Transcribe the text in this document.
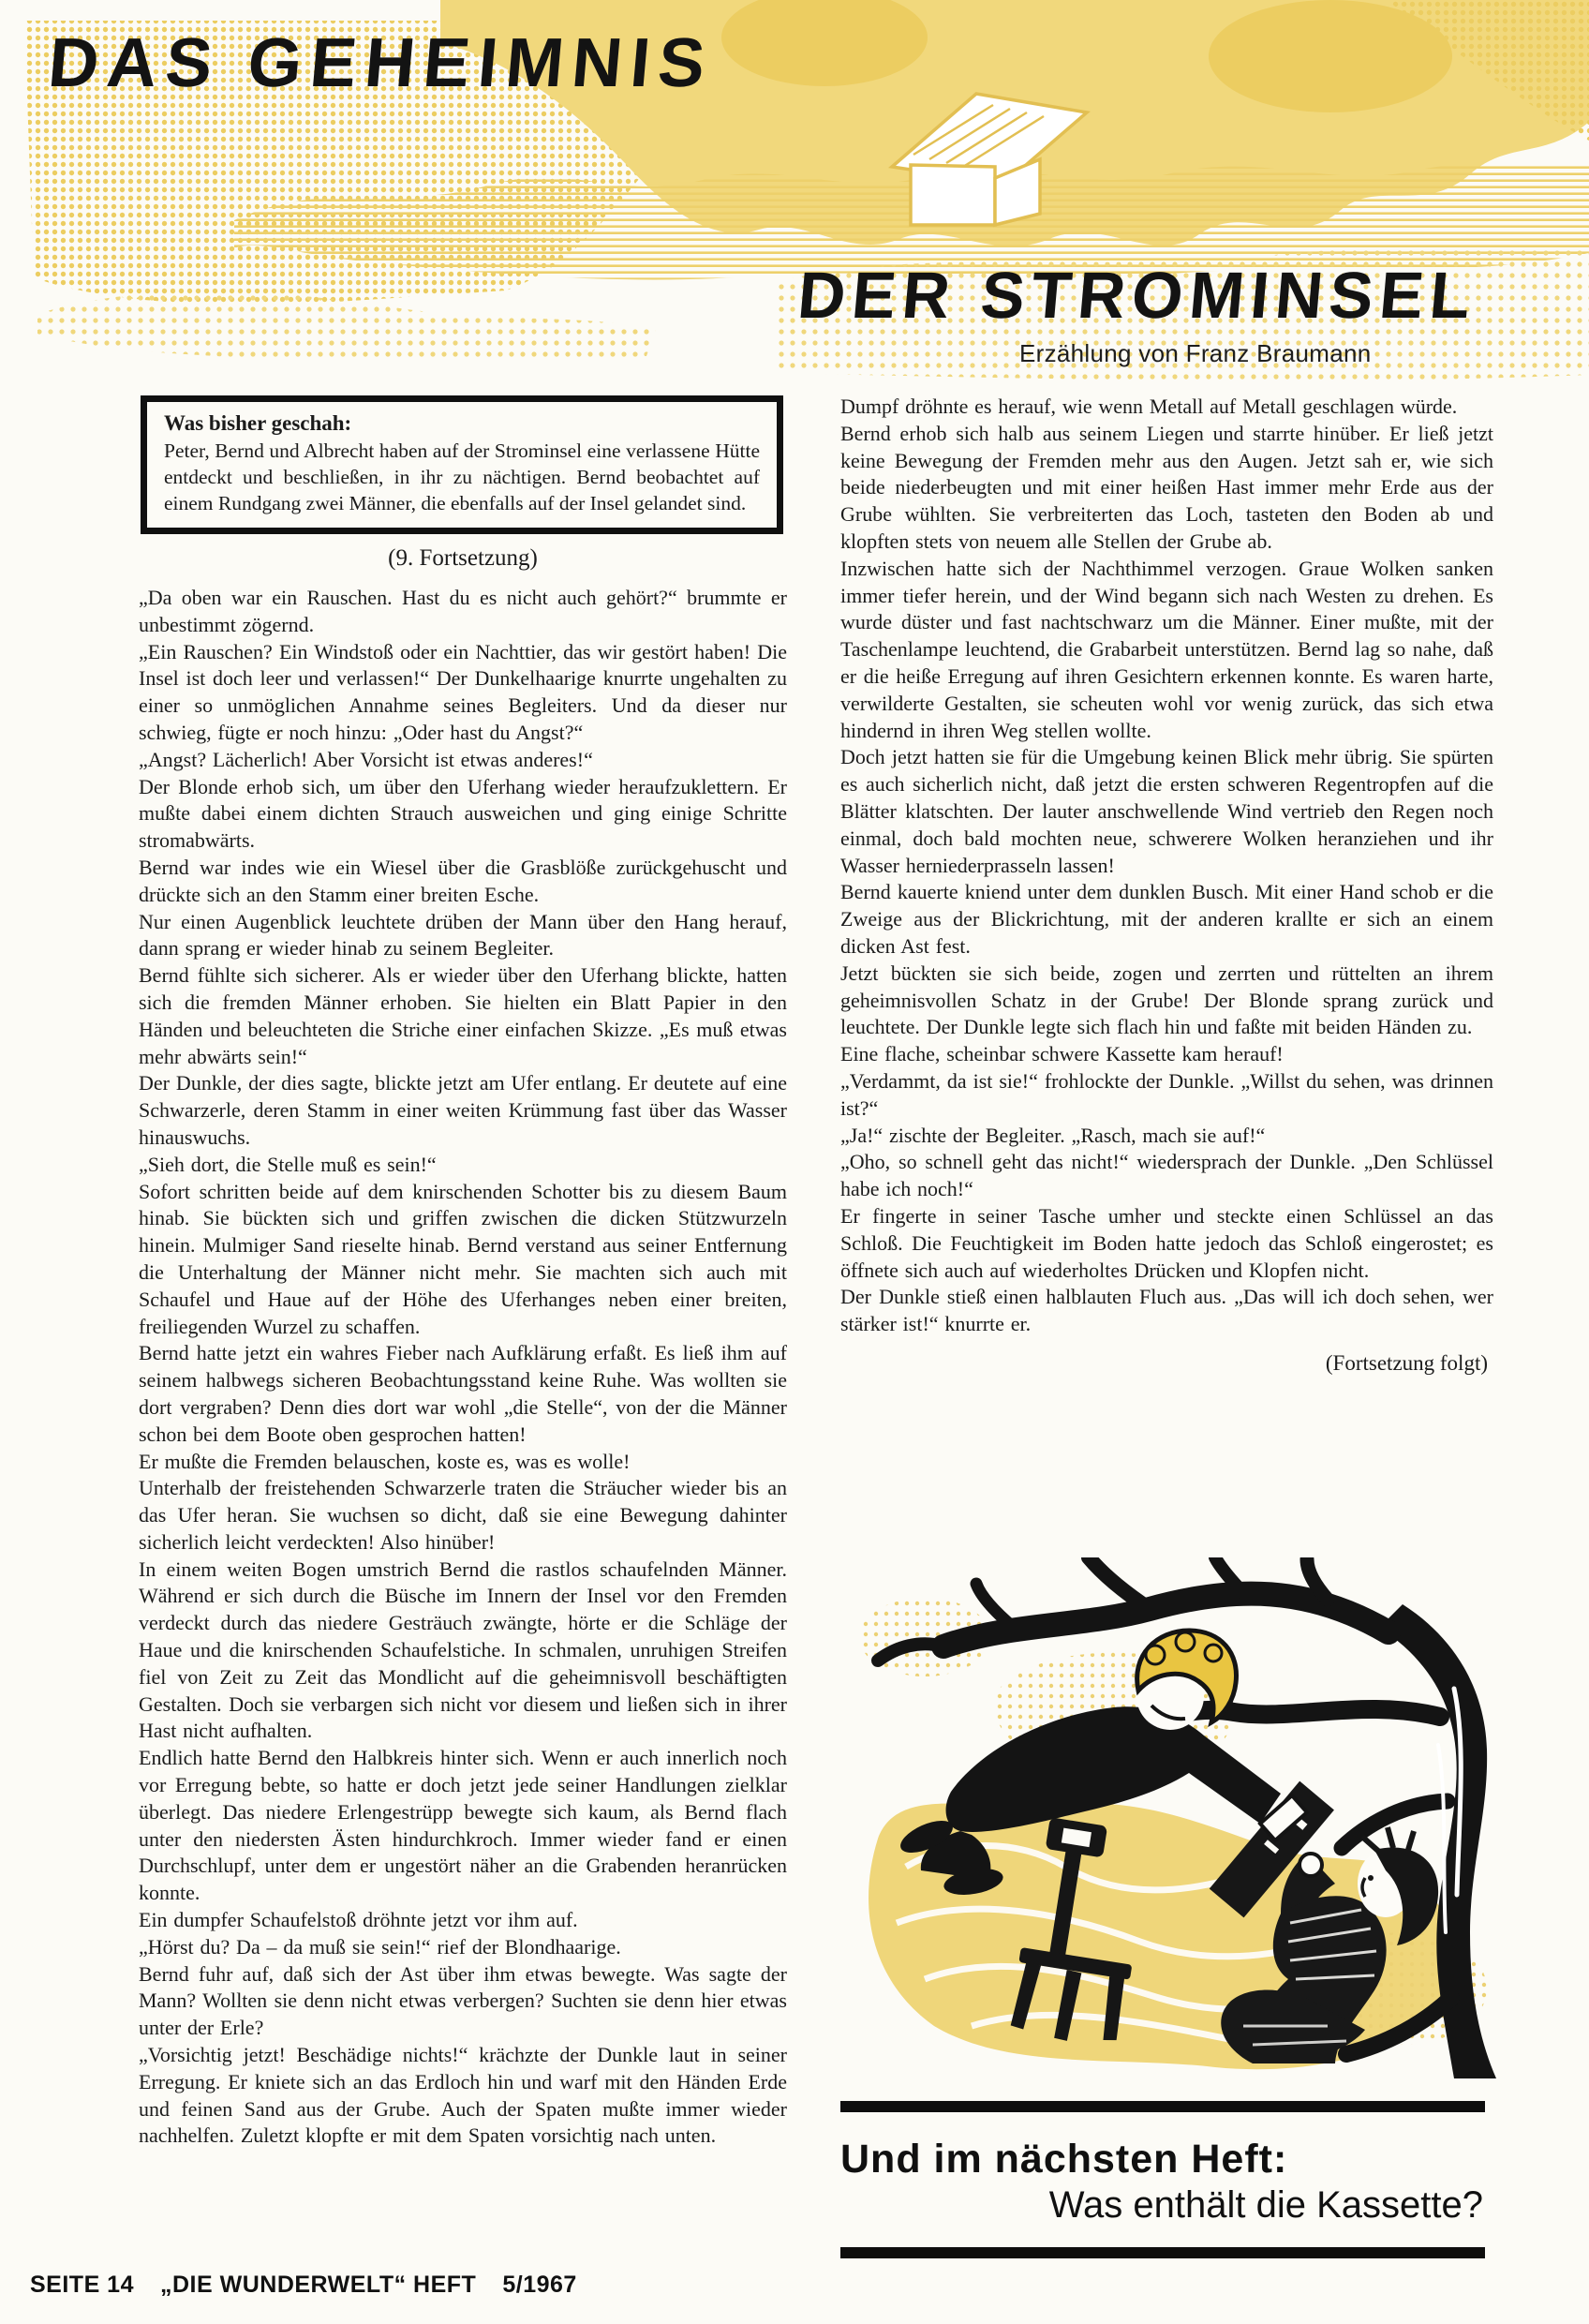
DAS GEHEIMNIS
DER STROMINSEL
Erzählung von Franz Braumann
Was bisher geschah:
Peter, Bernd und Albrecht haben auf der Strominsel eine verlassene Hütte entdeckt und beschließen, in ihr zu nächtigen. Bernd beobachtet auf einem Rundgang zwei Männer, die ebenfalls auf der Insel gelandet sind.
(9. Fortsetzung)

„Da oben war ein Rauschen. Hast du es nicht auch gehört?“ brummte er unbestimmt zögernd.

„Ein Rauschen? Ein Windstoß oder ein Nachttier, das wir gestört haben! Die Insel ist doch leer und verlassen!“ Der Dunkelhaarige knurrte ungehalten zu einer so unmöglichen Annahme seines Begleiters. Und da dieser nur schwieg, fügte er noch hinzu: „Oder hast du Angst?“

„Angst? Lächerlich! Aber Vorsicht ist etwas anderes!“

Der Blonde erhob sich, um über den Uferhang wieder heraufzuklettern. Er mußte dabei einem dichten Strauch ausweichen und ging einige Schritte stromabwärts.

Bernd war indes wie ein Wiesel über die Grasblöße zurückgehuscht und drückte sich an den Stamm einer breiten Esche.

Nur einen Augenblick leuchtete drüben der Mann über den Hang herauf, dann sprang er wieder hinab zu seinem Begleiter.

Bernd fühlte sich sicherer. Als er wieder über den Uferhang blickte, hatten sich die fremden Männer erhoben. Sie hielten ein Blatt Papier in den Händen und beleuchteten die Striche einer einfachen Skizze. „Es muß etwas mehr abwärts sein!“

Der Dunkle, der dies sagte, blickte jetzt am Ufer entlang. Er deutete auf eine Schwarzerle, deren Stamm in einer weiten Krümmung fast über das Wasser hinauswuchs.

„Sieh dort, die Stelle muß es sein!“

Sofort schritten beide auf dem knirschenden Schotter bis zu diesem Baum hinab. Sie bückten sich und griffen zwischen die dicken Stützwurzeln hinein. Mulmiger Sand rieselte hinab. Bernd verstand aus seiner Entfernung die Unterhaltung der Männer nicht mehr. Sie machten sich auch mit Schaufel und Haue auf der Höhe des Uferhanges neben einer breiten, freiliegenden Wurzel zu schaffen.

Bernd hatte jetzt ein wahres Fieber nach Aufklärung erfaßt. Es ließ ihm auf seinem halbwegs sicheren Beobachtungsstand keine Ruhe. Was wollten sie dort vergraben? Denn dies dort war wohl „die Stelle“, von der die Männer schon bei dem Boote oben gesprochen hatten!

Er mußte die Fremden belauschen, koste es, was es wolle!

Unterhalb der freistehenden Schwarzerle traten die Sträucher wieder bis an das Ufer heran. Sie wuchsen so dicht, daß sie eine Bewegung dahinter sicherlich leicht verdeckten! Also hinüber!

In einem weiten Bogen umstrich Bernd die rastlos schaufelnden Männer. Während er sich durch die Büsche im Innern der Insel vor den Fremden verdeckt durch das niedere Gesträuch zwängte, hörte er die Schläge der Haue und die knirschenden Schaufelstiche. In schmalen, unruhigen Streifen fiel von Zeit zu Zeit das Mondlicht auf die geheimnisvoll beschäftigten Gestalten. Doch sie verbargen sich nicht vor diesem und ließen sich in ihrer Hast nicht aufhalten.

Endlich hatte Bernd den Halbkreis hinter sich. Wenn er auch innerlich noch vor Erregung bebte, so hatte er doch jetzt jede seiner Handlungen zielklar überlegt. Das niedere Erlengestrüpp bewegte sich kaum, als Bernd flach unter den niedersten Ästen hindurchkroch. Immer wieder fand er einen Durchschlupf, unter dem er ungestört näher an die Grabenden heranrücken konnte.

Ein dumpfer Schaufelstoß dröhnte jetzt vor ihm auf.

„Hörst du? Da – da muß sie sein!“ rief der Blondhaarige.

Bernd fuhr auf, daß sich der Ast über ihm etwas bewegte. Was sagte der Mann? Wollten sie denn nicht etwas verbergen? Suchten sie denn hier etwas unter der Erle?

„Vorsichtig jetzt! Beschädige nichts!“ krächzte der Dunkle laut in seiner Erregung. Er kniete sich an das Erdloch hin und warf mit den Händen Erde und feinen Sand aus der Grube. Auch der Spaten mußte immer wieder nachhelfen. Zuletzt klopfte er mit dem Spaten vorsichtig nach unten.

Dumpf dröhnte es herauf, wie wenn Metall auf Metall geschlagen würde.

Bernd erhob sich halb aus seinem Liegen und starrte hinüber. Er ließ jetzt keine Bewegung der Fremden mehr aus den Augen. Jetzt sah er, wie sich beide niederbeugten und mit einer heißen Hast immer mehr Erde aus der Grube wühlten. Sie verbreiterten das Loch, tasteten den Boden ab und klopften stets von neuem alle Stellen der Grube ab.

Inzwischen hatte sich der Nachthimmel verzogen. Graue Wolken sanken immer tiefer herein, und der Wind begann sich nach Westen zu drehen. Es wurde düster und fast nachtschwarz um die Männer. Einer mußte, mit der Taschenlampe leuchtend, die Grabarbeit unterstützen. Bernd lag so nahe, daß er die heiße Erregung auf ihren Gesichtern erkennen konnte. Es waren harte, verwilderte Gestalten, sie scheuten wohl vor wenig zurück, das sich etwa hindernd in ihren Weg stellen wollte.

Doch jetzt hatten sie für die Umgebung keinen Blick mehr übrig. Sie spürten es auch sicherlich nicht, daß jetzt die ersten schweren Regentropfen auf die Blätter klatschten. Der lauter anschwellende Wind vertrieb den Regen noch einmal, doch bald mochten neue, schwerere Wolken heranziehen und ihr Wasser herniederprasseln lassen!

Bernd kauerte kniend unter dem dunklen Busch. Mit einer Hand schob er die Zweige aus der Blickrichtung, mit der anderen krallte er sich an einem dicken Ast fest.

Jetzt bückten sie sich beide, zogen und zerrten und rüttelten an ihrem geheimnisvollen Schatz in der Grube! Der Blonde sprang zurück und leuchtete. Der Dunkle legte sich flach hin und faßte mit beiden Händen zu.

Eine flache, scheinbar schwere Kassette kam herauf!

„Verdammt, da ist sie!“ frohlockte der Dunkle. „Willst du sehen, was drinnen ist?“

„Ja!“ zischte der Begleiter. „Rasch, mach sie auf!“

„Oho, so schnell geht das nicht!“ wiedersprach der Dunkle. „Den Schlüssel habe ich noch!“

Er fingerte in seiner Tasche umher und steckte einen Schlüssel an das Schloß. Die Feuchtigkeit im Boden hatte jedoch das Schloß eingerostet; es öffnete sich auch auf wiederholtes Drücken und Klopfen nicht.

Der Dunkle stieß einen halblauten Fluch aus. „Das will ich doch sehen, wer stärker ist!“ knurrte er.

(Fortsetzung folgt)
Und im nächsten Heft:
Was enthält die Kassette?
SEITE 14 „DIE WUNDERWELT“ HEFT 5/1967
